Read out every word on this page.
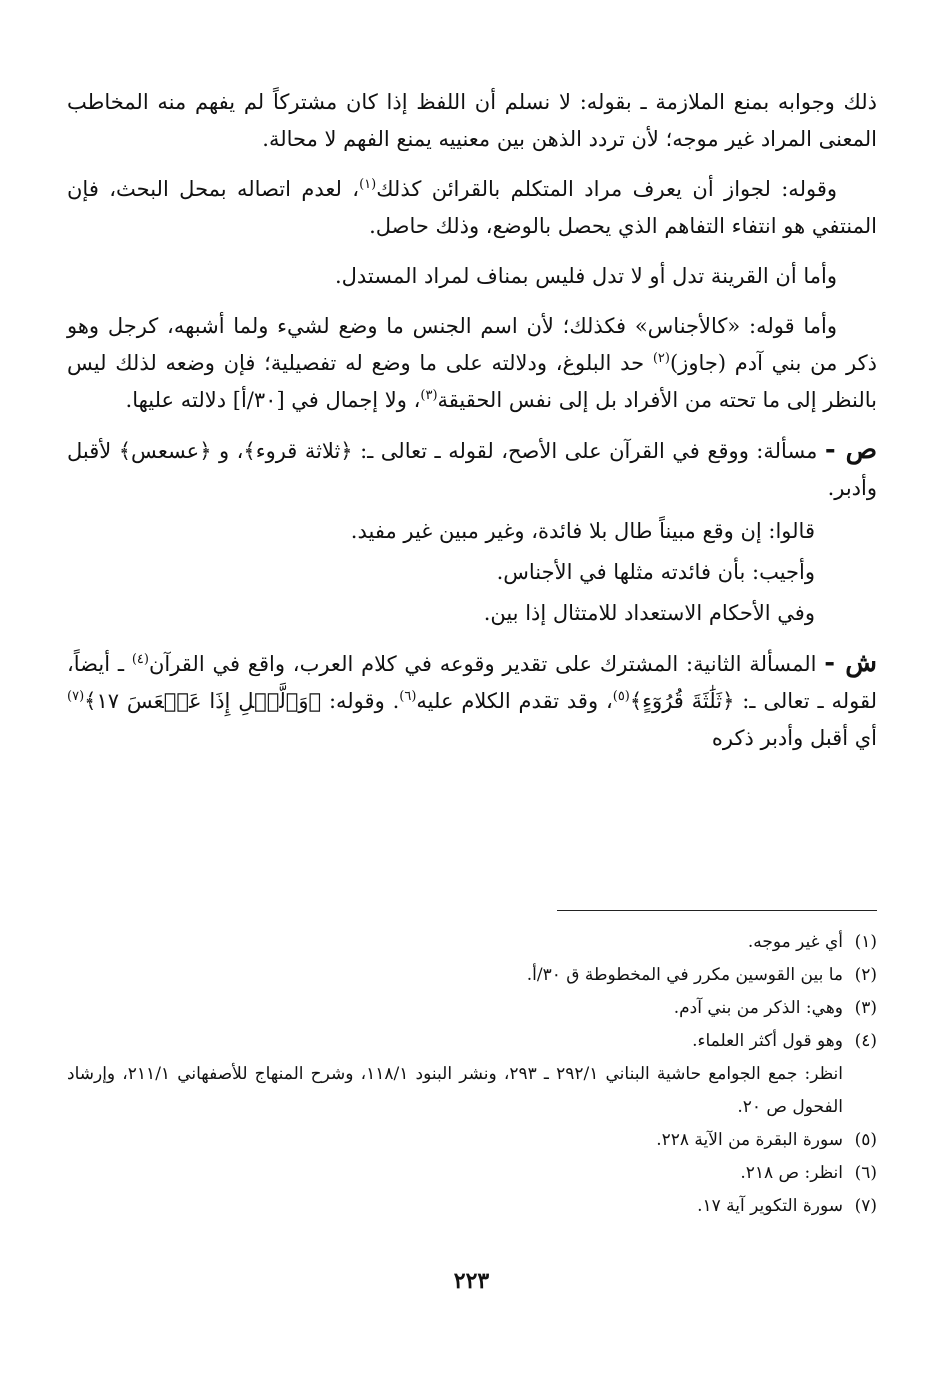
ذلك وجوابه بمنع الملازمة ـ بقوله: لا نسلم أن اللفظ إذا كان مشتركاً لم يفهم منه المخاطب المعنى المراد غير موجه؛ لأن تردد الذهن بين معنييه يمنع الفهم لا محالة.

وقوله: لجواز أن يعرف مراد المتكلم بالقرائن كذلك$^{(١)}$، لعدم اتصاله بمحل البحث، فإن المنتفي هو انتفاء التفاهم الذي يحصل بالوضع، وذلك حاصل.

وأما أن القرينة تدل أو لا تدل فليس بمناف لمراد المستدل.

وأما قوله: «كالأجناس» فكذلك؛ لأن اسم الجنس ما وضع لشيء ولما أشبهه، كرجل وهو ذكر من بني آدم (جاوز)$^{(٢)}$ حد البلوغ، ودلالته على ما وضع له تفصيلية؛ فإن وضعه لذلك ليس بالنظر إلى ما تحته من الأفراد بل إلى نفس الحقيقة$^{(٣)}$، ولا إجمال في [٣٠/أ] دلالته عليها.

ص - مسألة: ووقع في القرآن على الأصح، لقوله ـ تعالى ـ: ﴿ثلاثة قروء﴾، و ﴿عسعس﴾ لأقبل وأدبر.

قالوا: إن وقع مبيناً طال بلا فائدة، وغير مبين غير مفيد.

وأجيب: بأن فائدته مثلها في الأجناس.

وفي الأحكام الاستعداد للامتثال إذا بين.

ش - المسألة الثانية: المشترك على تقدير وقوعه في كلام العرب، واقع في القرآن$^{(٤)}$ ـ أيضاً، لقوله ـ تعالى ـ: ﴿ثَلَٰثَةَ قُرُوٓءٍ﴾$^{(٥)}$، وقد تقدم الكلام عليه$^{(٦)}$. وقوله: ﴿وَٱلَّيۡلِ إِذَا عَسۡعَسَ ١٧﴾$^{(٧)}$ أي أقبل وأدبر ذكره

(١)أي غير موجه.

(٢)ما بين القوسين مكرر في المخطوطة ق ٣٠/أ.

(٣)وهي: الذكر من بني آدم.

(٤)وهو قول أكثر العلماء.

انظر: جمع الجوامع حاشية البناني ٢٩٢/١ ـ ٢٩٣، ونشر البنود ١١٨/١، وشرح المنهاج للأصفهاني ٢١١/١، وإرشاد الفحول ص ٢٠.

(٥)سورة البقرة من الآية ٢٢٨.

(٦)انظر: ص ٢١٨.

(٧)سورة التكوير آية ١٧.

٢٢٣
